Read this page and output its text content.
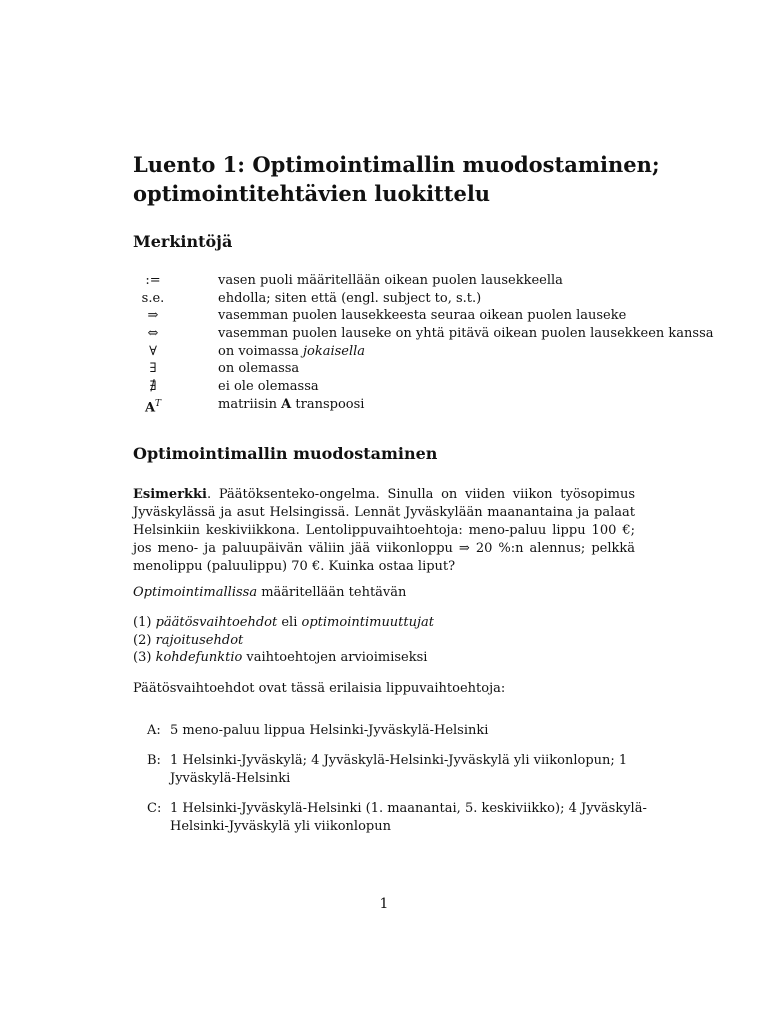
Luento 1: Optimointimallin muodostaminen;
optimointitehtävien luokittelu
Merkintöjä
:=	vasen puoli määritellään oikean puolen lausekkeella
s.e.	ehdolla; siten että (engl. subject to, s.t.)
⇒	vasemman puolen lausekkeesta seuraa oikean puolen lauseke
⇔	vasemman puolen lauseke on yhtä pitävä oikean puolen lausekkeen kanssa
∀	on voimassa jokaisella
∃	on olemassa
∄	ei ole olemassa
$A^T$	matriisin A transpoosi
Optimointimallin muodostaminen

Esimerkki. Päätöksenteko-ongelma. Sinulla on viiden viikon työsopimus Jyväskylässä ja asut Helsingissä. Lennät Jyväskylään maanantaina ja palaat Helsinkiin keskiviikkona. Lentolippuvaihtoehtoja: meno-paluu lippu 100 €; jos meno- ja paluupäivän väliin jää viikonloppu ⇒ 20 %:n alennus; pelkkä menolippu (paluulippu) 70 €. Kuinka ostaa liput?

Optimointimallissa määritellään tehtävän

(1) päätösvaihtoehdot eli optimointimuuttujat
(2) rajoitusehdot
(3) kohdefunktio vaihtoehtojen arvioimiseksi

Päätösvaihtoehdot ovat tässä erilaisia lippuvaihtoehtoja:

A: 5 meno-paluu lippua Helsinki-Jyväskylä-Helsinki
B: 1 Helsinki-Jyväskylä; 4 Jyväskylä-Helsinki-Jyväskylä yli viikonlopun; 1 Jyväskylä-Helsinki
C: 1 Helsinki-Jyväskylä-Helsinki (1. maanantai, 5. keskiviikko); 4 Jyväskylä-Helsinki-Jyväskylä yli viikonlopun
1
